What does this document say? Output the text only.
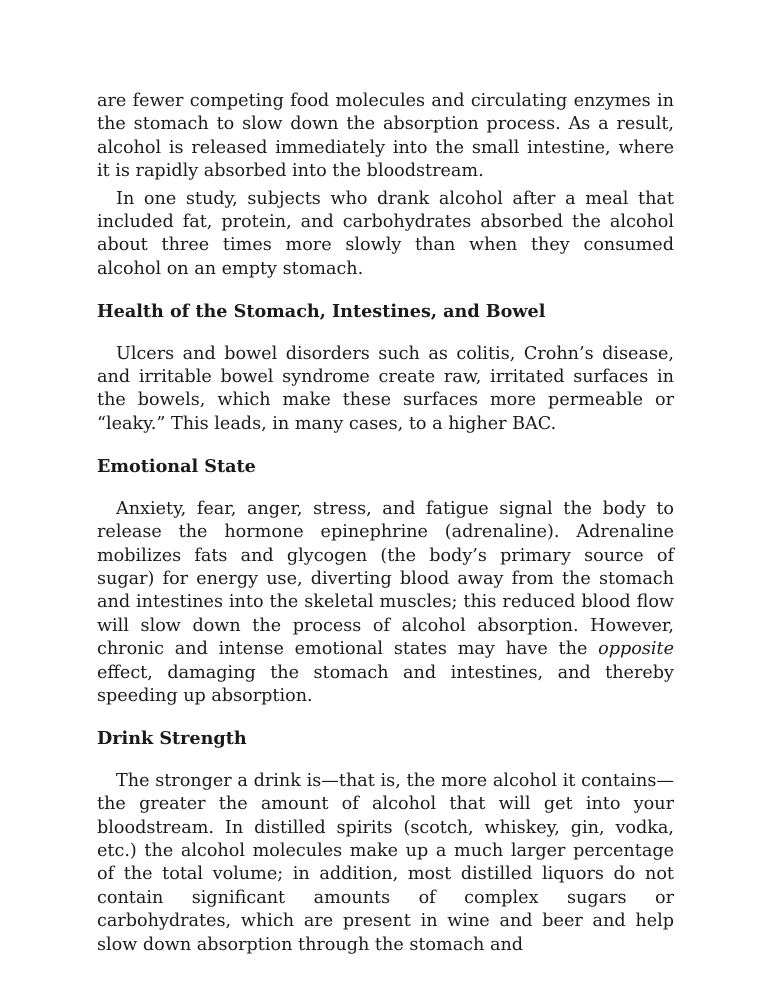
are fewer competing food molecules and circulating enzymes in the stomach to slow down the absorption process. As a result, alcohol is released immediately into the small intestine, where it is rapidly absorbed into the bloodstream.

In one study, subjects who drank alcohol after a meal that included fat, protein, and carbohydrates absorbed the alcohol about three times more slowly than when they consumed alcohol on an empty stomach.

Health of the Stomach, Intestines, and Bowel

Ulcers and bowel disorders such as colitis, Crohn’s disease, and irritable bowel syndrome create raw, irritated surfaces in the bowels, which make these surfaces more permeable or “leaky.” This leads, in many cases, to a higher BAC.

Emotional State

Anxiety, fear, anger, stress, and fatigue signal the body to release the hormone epinephrine (adrenaline). Adrenaline mobilizes fats and glycogen (the body’s primary source of sugar) for energy use, diverting blood away from the stomach and intestines into the skeletal muscles; this reduced blood flow will slow down the process of alcohol absorption. However, chronic and intense emotional states may have the opposite effect, damaging the stomach and intestines, and thereby speeding up absorption.

Drink Strength

The stronger a drink is—that is, the more alcohol it contains—the greater the amount of alcohol that will get into your bloodstream. In distilled spirits (scotch, whiskey, gin, vodka, etc.) the alcohol molecules make up a much larger percentage of the total volume; in addition, most distilled liquors do not contain significant amounts of complex sugars or carbohydrates, which are present in wine and beer and help slow down absorption through the stomach and
